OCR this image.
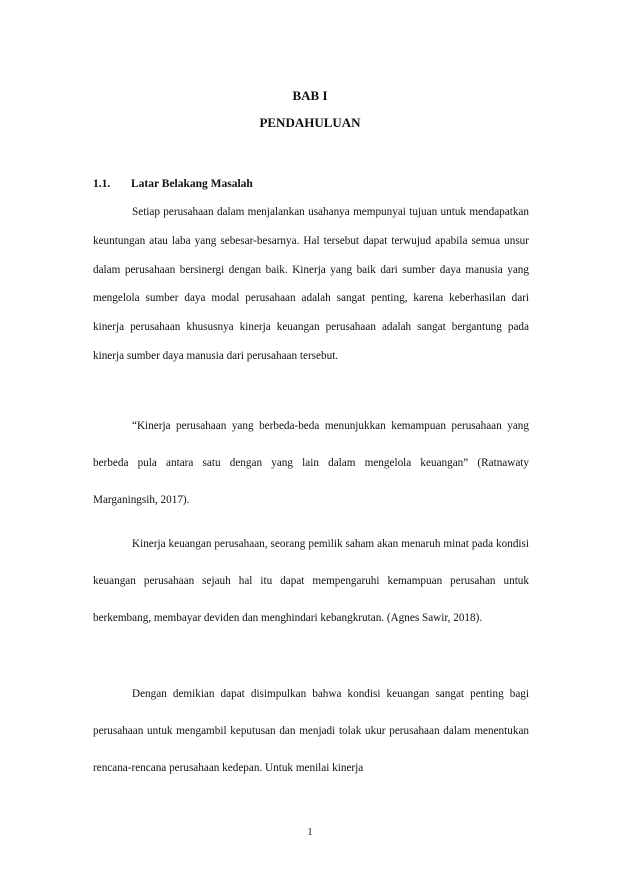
BAB I
PENDAHULUAN
1.1. Latar Belakang Masalah
Setiap perusahaan dalam menjalankan usahanya mempunyai tujuan untuk mendapatkan keuntungan atau laba yang sebesar-besarnya. Hal tersebut dapat terwujud apabila semua unsur dalam perusahaan bersinergi dengan baik. Kinerja yang baik dari sumber daya manusia yang mengelola sumber daya modal perusahaan adalah sangat penting, karena keberhasilan dari kinerja perusahaan khususnya kinerja keuangan perusahaan adalah sangat bergantung pada kinerja sumber daya manusia dari perusahaan tersebut.
“Kinerja perusahaan yang berbeda-beda menunjukkan kemampuan perusahaan yang berbeda pula antara satu dengan yang lain dalam mengelola keuangan” (Ratnawaty Marganingsih, 2017).
Kinerja keuangan perusahaan, seorang pemilik saham akan menaruh minat pada kondisi keuangan perusahaan sejauh hal itu dapat mempengaruhi kemampuan perusahan untuk berkembang, membayar deviden dan menghindari kebangkrutan. (Agnes Sawir, 2018).
Dengan demikian dapat disimpulkan bahwa kondisi keuangan sangat penting bagi perusahaan untuk mengambil keputusan dan menjadi tolak ukur perusahaan dalam menentukan rencana-rencana perusahaan kedepan. Untuk menilai kinerja
1
